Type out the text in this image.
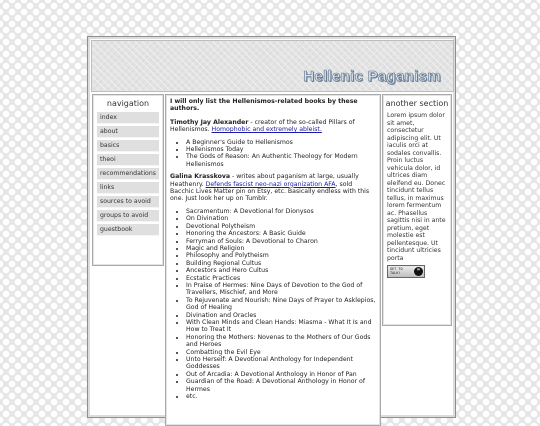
Hellenic Paganism
navigation
index
about
basics
theoi
recommendations
links
sources to avoid
groups to avoid
guestbook

I will only list the Hellenismos-related books by these authors.

Timothy Jay Alexander - creator of the so-called Pillars of Hellenismos. Homophobic and extremely ableist.

• A Beginner's Guide to Hellenismos
• Hellenismos Today
• The Gods of Reason: An Authentic Theology for Modern Hellenismos

Galina Krasskova - writes about paganism at large, usually Heathenry. Defends fascist neo-nazi organization AFA, sold Bacchic Lives Matter pin on Etsy, etc. Basically endless with this one. Just look her up on Tumblr.

• Sacramentum: A Devotional for Dionysos
• On Divination
• Devotional Polytheism
• Honoring the Ancestors: A Basic Guide
• Ferryman of Souls: A Devotional to Charon
• Magic and Religion
• Philosophy and Polytheism
• Building Regional Cultus
• Ancestors and Hero Cultus
• Ecstatic Practices
• In Praise of Hermes: Nine Days of Devotion to the God of Travellers, Mischief, and More
• To Rejuvenate and Nourish: Nine Days of Prayer to Asklepios, God of Healing
• Divination and Oracles
• With Clean Minds and Clean Hands: Miasma - What It Is and How to Treat It
• Honoring the Mothers: Novenas to the Mothers of Our Gods and Heroes
• Combatting the Evil Eye
• Unto Herself: A Devotional Anthology for Independent Goddesses
• Out of Arcadia: A Devotional Anthology in Honor of Pan
• Guardian of the Road: A Devotional Anthology in Honor of Hermes
• etc.
another section
Lorem ipsum dolor sit amet, consectetur adipiscing elit. Ut iaculis orci at sodales convallis. Proin luctus vehicula dolor, id ultrices diam eleifend eu. Donec tincidunt tellus tellus, in maximus lorem fermentum ac. Phasellus sagittis nisi in ante pretium, eget molestie est pellentesque. Ut tincidunt ultricies porta
GET TO
TALK!	❞
